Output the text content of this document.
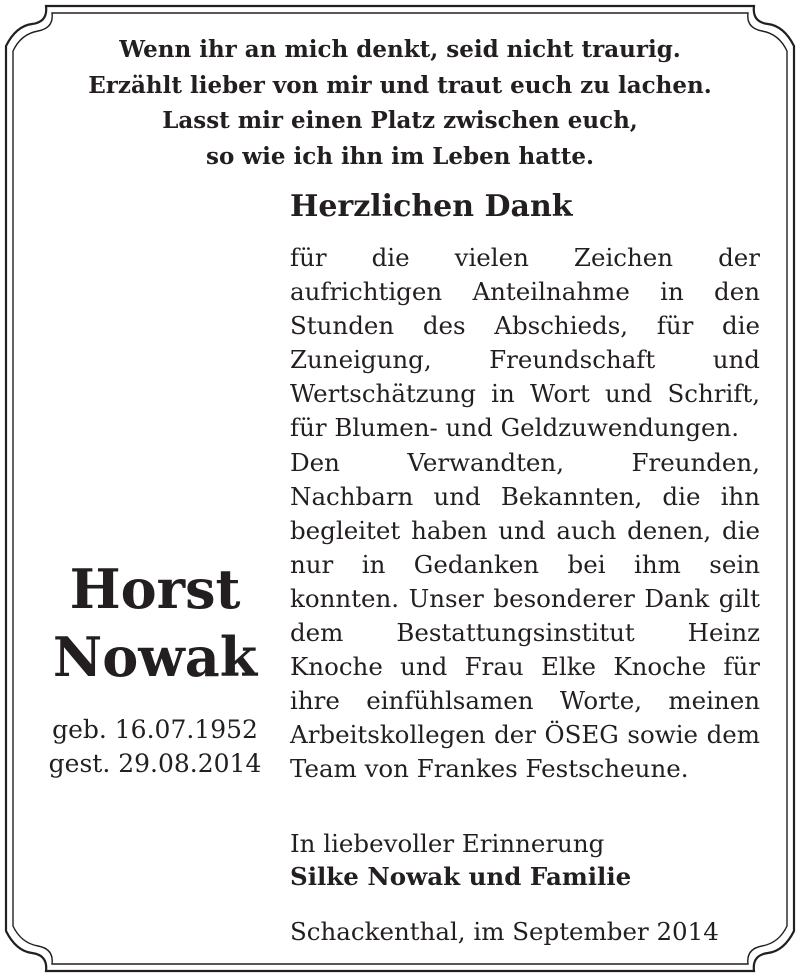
Wenn ihr an mich denkt, seid nicht traurig.
Erzählt lieber von mir und traut euch zu lachen.
Lasst mir einen Platz zwischen euch,
so wie ich ihn im Leben hatte.
Horst
Nowak
geb. 16.07.1952
gest. 29.08.2014
Herzlichen Dank

für die vielen Zeichen der aufrichtigen Anteilnahme in den Stunden des Abschieds, für die Zuneigung, Freundschaft und Wertschätzung in Wort und Schrift, für Blumen- und Geldzuwendungen.

Den Verwandten, Freunden, Nachbarn und Bekannten, die ihn begleitet haben und auch denen, die nur in Gedanken bei ihm sein konnten. Unser besonderer Dank gilt dem Bestattungsinstitut Heinz Knoche und Frau Elke Knoche für ihre einfühlsamen Worte, meinen Arbeitskollegen der ÖSEG sowie dem Team von Frankes Festscheune.

In liebevoller Erinnerung
Silke Nowak und Familie
Schackenthal, im September 2014
